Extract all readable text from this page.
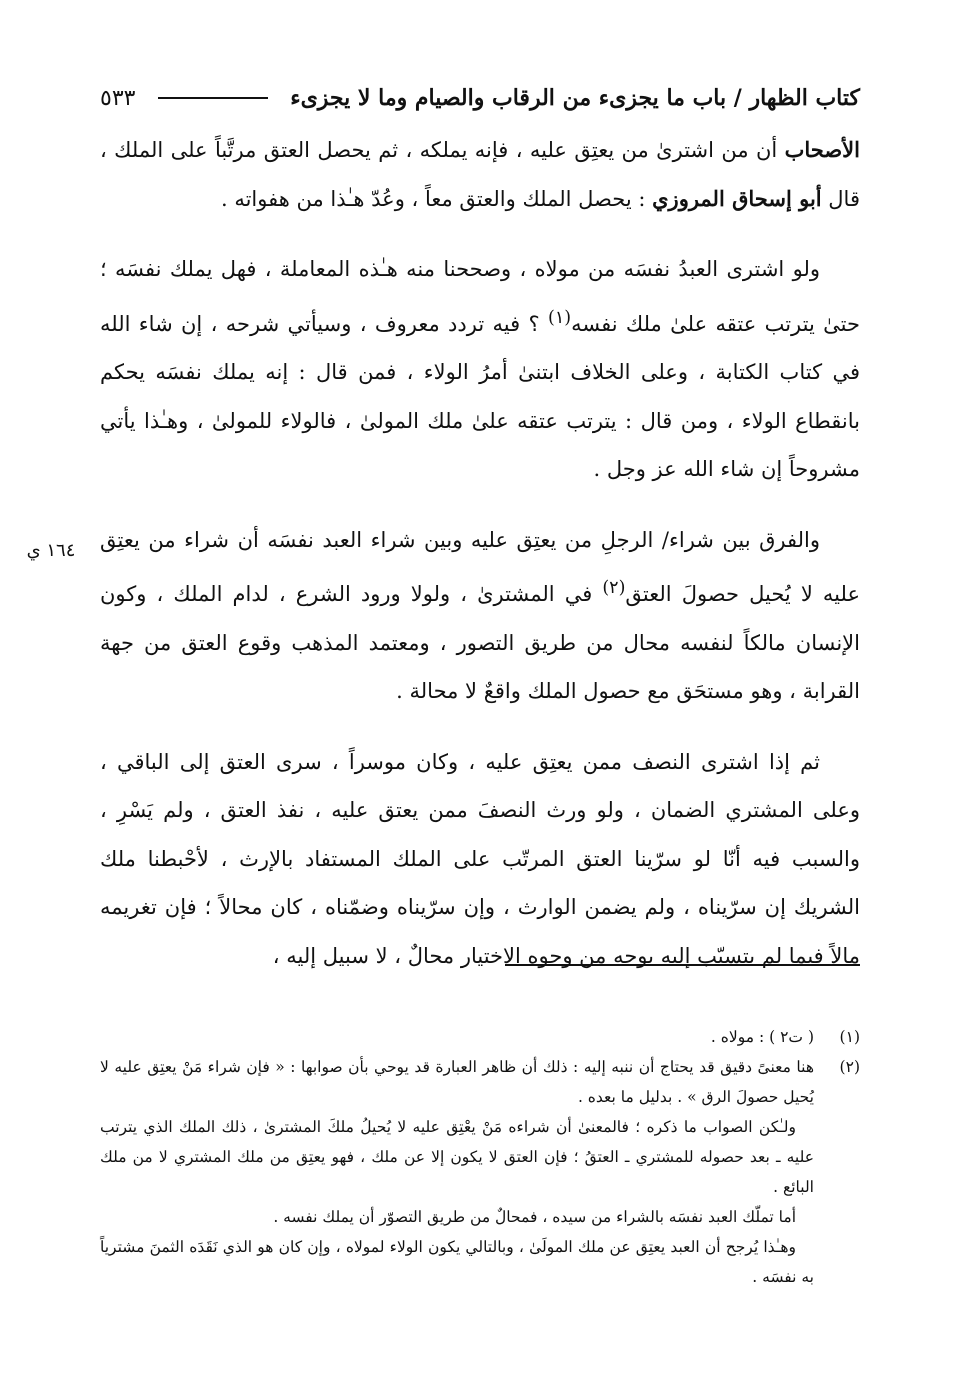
كتاب الظهار / باب ما يجزىء من الرقاب والصيام وما لا يجزىء
٥٣٣
١٦٤ ي

الأصحاب أن من اشترىٰ من يعتِق عليه ، فإنه يملكه ، ثم يحصل العتق مرتَّباً على الملك ، قال أبو إسحاق المروزي : يحصل الملك والعتق معاً ، وعُدّ هـٰذا من هفواته .

ولو اشترى العبدُ نفسَه من مولاه ، وصححنا منه هـٰذه المعاملة ، فهل يملك نفسَه ؛ حتىٰ يترتب عتقه علىٰ ملك نفسه$^{(١)}$ ؟ فيه تردد معروف ، وسيأتي شرحه ، إن شاء الله في كتاب الكتابة ، وعلى الخلاف ابتنىٰ أمرُ الولاء ، فمن قال : إنه يملك نفسَه يحكم بانقطاع الولاء ، ومن قال : يترتب عتقه علىٰ ملك المولىٰ ، فالولاء للمولىٰ ، وهـٰذا يأتي مشروحاً إن شاء الله عز وجل .

والفرق بين شراء/ الرجلِ من يعتِق عليه وبين شراء العبد نفسَه أن شراء من يعتِق عليه لا يُحيل حصولَ العتق$^{(٢)}$ في المشترىٰ ، ولولا ورود الشرع ، لدام الملك ، وكون الإنسان مالكاً لنفسه محال من طريق التصور ، ومعتمد المذهب وقوع العتق من جهة القرابة ، وهو مستحَق مع حصول الملك واقعٌ لا محالة .

ثم إذا اشترى النصف ممن يعتِق عليه ، وكان موسراً ، سرى العتق إلى الباقي ، وعلى المشتري الضمان ، ولو ورث النصفَ ممن يعتق عليه ، نفذ العتق ، ولم يَسْرِ ، والسبب فيه أنّا لو سرّينا العتق المرتّب على الملك المستفاد بالإرث ، لأحْبطنا ملك الشريك إن سرّيناه ، ولم يضمن الوارث ، وإن سرّيناه وضمّناه ، كان محالاً ؛ فإن تغريمه مالاً فيما لم يتسبّب إليه بوجه من وجوه الاختيار محالٌ ، لا سبيل إليه ،

(١)
( ت٢ ) : مولاه .

(٢)
هنا معنىً دقيق قد يحتاج أن ننبه إليه : ذلك أن ظاهر العبارة قد يوحي بأن صوابها : « فإن شراء مَنْ يعتِق عليه لا يُحيل حصولَ الرق » . بدليل ما بعده .

ولـٰكن الصواب ما ذكره ؛ فالمعنىٰ أن شراءه مَنْ يعْتِق عليه لا يُحيلُ ملكَ المشترىٰ ، ذلك الملك الذي يترتب عليه ـ بعد حصوله للمشتري ـ العتقُ ؛ فإن العتق لا يكون إلا عن ملك ، فهو يعتِق من ملك المشتري لا من ملك البائع .

أما تملّك العبد نفسَه بالشراء من سيده ، فمحالٌ من طريق التصوّر أن يملك نفسه .

وهـٰذا يُرجح أن العبد يعتِق عن ملك المولَىٰ ، وبالتالي يكون الولاء لمولاه ، وإن كان هو الذي نَقَدَه الثمنَ مشترياً به نفسَه .
